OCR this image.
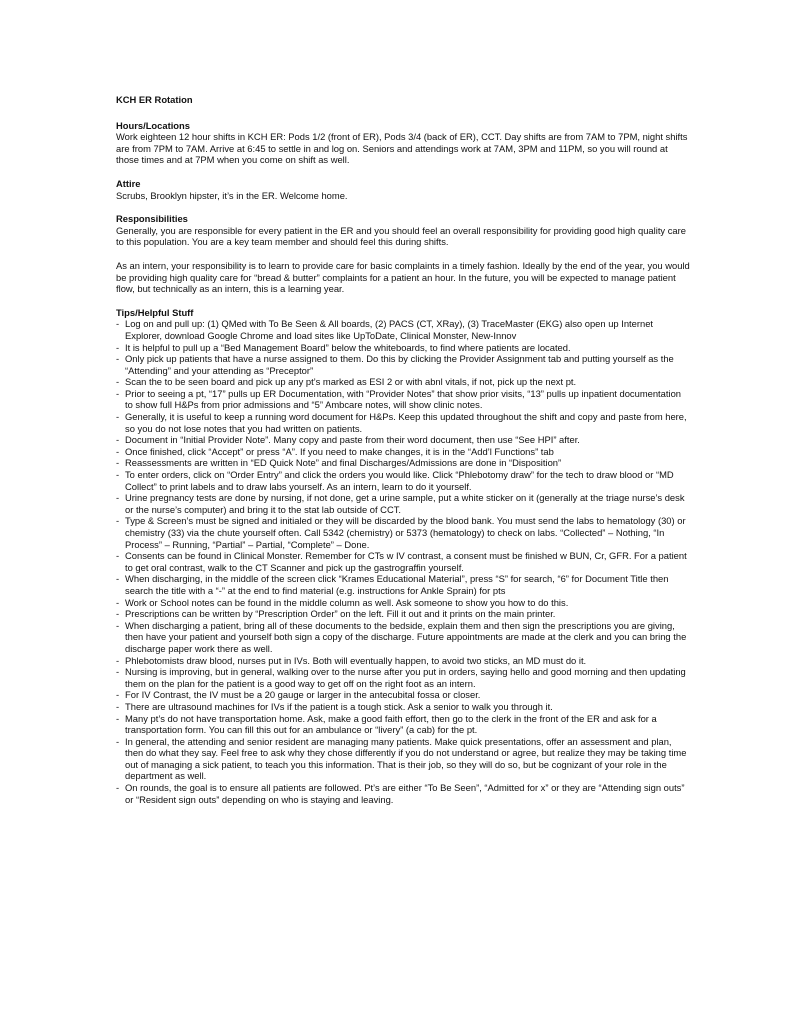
KCH ER Rotation
Hours/Locations

Work eighteen 12 hour shifts in KCH ER: Pods 1/2 (front of ER), Pods 3/4 (back of ER), CCT. Day shifts are from 7AM to 7PM, night shifts are from 7PM to 7AM. Arrive at 6:45 to settle in and log on. Seniors and attendings work at 7AM, 3PM and 11PM, so you will round at those times and at 7PM when you come on shift as well.

Attire

Scrubs, Brooklyn hipster, it’s in the ER. Welcome home.

Responsibilities

Generally, you are responsible for every patient in the ER and you should feel an overall responsibility for providing good high quality care to this population. You are a key team member and should feel this during shifts.

As an intern, your responsibility is to learn to provide care for basic complaints in a timely fashion. Ideally by the end of the year, you would be providing high quality care for “bread & butter” complaints for a patient an hour. In the future, you will be expected to manage patient flow, but technically as an intern, this is a learning year.

Tips/Helpful Stuff
- Log on and pull up: (1) QMed with To Be Seen & All boards, (2) PACS (CT, XRay), (3) TraceMaster (EKG) also open up Internet Explorer, download Google Chrome and load sites like UpToDate, Clinical Monster, New-Innov
- It is helpful to pull up a “Bed Management Board” below the whiteboards, to find where patients are located.
- Only pick up patients that have a nurse assigned to them. Do this by clicking the Provider Assignment tab and putting yourself as the “Attending” and your attending as “Preceptor”
- Scan the to be seen board and pick up any pt’s marked as ESI 2 or with abnl vitals, if not, pick up the next pt.
- Prior to seeing a pt, “17” pulls up ER Documentation, with “Provider Notes” that show prior visits, “13” pulls up inpatient documentation to show full H&Ps from prior admissions and “5” Ambcare notes, will show clinic notes.
- Generally, it is useful to keep a running word document for H&Ps. Keep this updated throughout the shift and copy and paste from here, so you do not lose notes that you had written on patients.
- Document in “Initial Provider Note”. Many copy and paste from their word document, then use “See HPI” after.
- Once finished, click “Accept” or press “A”. If you need to make changes, it is in the “Add’l Functions” tab
- Reassessments are written in “ED Quick Note” and final Discharges/Admissions are done in “Disposition”
- To enter orders, click on “Order Entry” and click the orders you would like. Click “Phlebotomy draw” for the tech to draw blood or “MD Collect” to print labels and to draw labs yourself. As an intern, learn to do it yourself.
- Urine pregnancy tests are done by nursing, if not done, get a urine sample, put a white sticker on it (generally at the triage nurse’s desk or the nurse’s computer) and bring it to the stat lab outside of CCT.
- Type & Screen’s must be signed and initialed or they will be discarded by the blood bank. You must send the labs to hematology (30) or chemistry (33) via the chute yourself often. Call 5342 (chemistry) or 5373 (hematology) to check on labs. “Collected” – Nothing, “In Process” – Running, “Partial” – Partial, “Complete” – Done.
- Consents can be found in Clinical Monster. Remember for CTs w IV contrast, a consent must be finished w BUN, Cr, GFR. For a patient to get oral contrast, walk to the CT Scanner and pick up the gastrograffin yourself.
- When discharging, in the middle of the screen click “Krames Educational Material”, press “S” for search, “6” for Document Title then search the title with a “-” at the end to find material (e.g. instructions for Ankle Sprain) for pts
- Work or School notes can be found in the middle column as well. Ask someone to show you how to do this.
- Prescriptions can be written by “Prescription Order” on the left. Fill it out and it prints on the main printer.
- When discharging a patient, bring all of these documents to the bedside, explain them and then sign the prescriptions you are giving, then have your patient and yourself both sign a copy of the discharge. Future appointments are made at the clerk and you can bring the discharge paper work there as well.
- Phlebotomists draw blood, nurses put in IVs. Both will eventually happen, to avoid two sticks, an MD must do it.
- Nursing is improving, but in general, walking over to the nurse after you put in orders, saying hello and good morning and then updating them on the plan for the patient is a good way to get off on the right foot as an intern.
- For IV Contrast, the IV must be a 20 gauge or larger in the antecubital fossa or closer.
- There are ultrasound machines for IVs if the patient is a tough stick. Ask a senior to walk you through it.
- Many pt’s do not have transportation home. Ask, make a good faith effort, then go to the clerk in the front of the ER and ask for a transportation form. You can fill this out for an ambulance or “livery” (a cab) for the pt.
- In general, the attending and senior resident are managing many patients. Make quick presentations, offer an assessment and plan, then do what they say. Feel free to ask why they chose differently if you do not understand or agree, but realize they may be taking time out of managing a sick patient, to teach you this information. That is their job, so they will do so, but be cognizant of your role in the department as well.
- On rounds, the goal is to ensure all patients are followed. Pt’s are either “To Be Seen”, “Admitted for x” or they are “Attending sign outs” or “Resident sign outs” depending on who is staying and leaving.
